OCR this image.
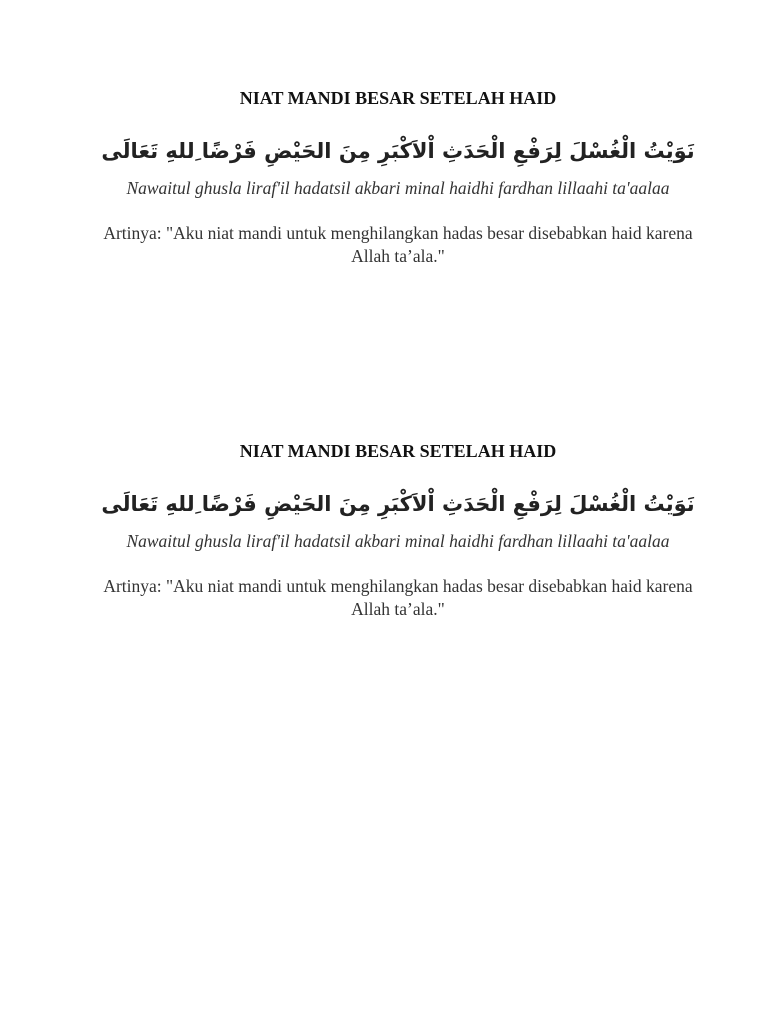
NIAT MANDI BESAR SETELAH HAID
نَوَيْتُ الْغُسْلَ لِرَفْعِ الْحَدَثِ اْلاَكْبَرِ مِنَ الحَيْضِ فَرْضًا ِللهِ تَعَالَى
Nawaitul ghusla liraf'il hadatsil akbari minal haidhi fardhan lillaahi ta'aalaa
Artinya: "Aku niat mandi untuk menghilangkan hadas besar disebabkan haid karena Allah ta’ala."
NIAT MANDI BESAR SETELAH HAID
نَوَيْتُ الْغُسْلَ لِرَفْعِ الْحَدَثِ اْلاَكْبَرِ مِنَ الحَيْضِ فَرْضًا ِللهِ تَعَالَى
Nawaitul ghusla liraf'il hadatsil akbari minal haidhi fardhan lillaahi ta'aalaa
Artinya: "Aku niat mandi untuk menghilangkan hadas besar disebabkan haid karena Allah ta’ala."
